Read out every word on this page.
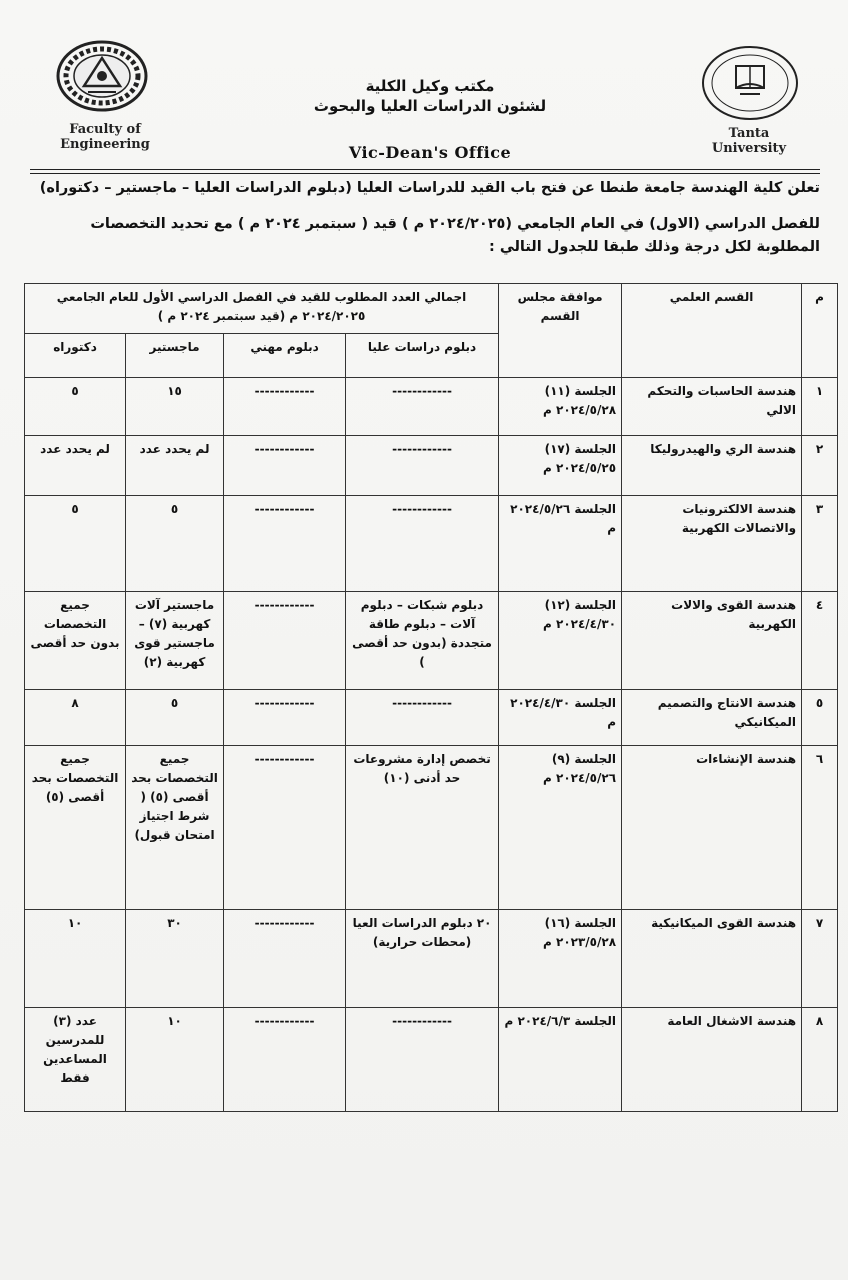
Faculty of
Engineering
Tanta
University
مكتب وكيل الكلية
لشئون الدراسات العليا والبحوث
Vic-Dean's Office
تعلن كلية الهندسة جامعة طنطا عن فتح باب القيد للدراسات العليا (دبلوم الدراسات العليا – ماجستير – دكتوراه)
للفصل الدراسي (الاول) في العام الجامعي (٢٠٢٤/٢٠٢٥ م ) قيد ( سبتمبر ٢٠٢٤ م ) مع تحديد التخصصات
المطلوبة لكل درجة وذلك طبقا للجدول التالي :
م	القسم العلمي	موافقة مجلس القسم	اجمالي العدد المطلوب للقيد في الفصل الدراسي الأول للعام الجامعي ٢٠٢٤/٢٠٢٥ م (قيد سبتمبر ٢٠٢٤ م )			
			دبلوم دراسات عليا	دبلوم مهني	ماجستير	دكتوراه
١	هندسة الحاسبات والتحكم الالي	الجلسة (١١) ٢٠٢٤/٥/٢٨ م	------------	------------	١٥	٥
٢	هندسة الري والهيدروليكا	الجلسة (١٧) ٢٠٢٤/٥/٢٥ م	------------	------------	لم يحدد عدد	لم يحدد عدد
٣	هندسة الالكترونيات والاتصالات الكهربية	الجلسة ٢٠٢٤/٥/٢٦ م	------------	------------	٥	٥
٤	هندسة القوى والالات الكهربية	الجلسة (١٢) ٢٠٢٤/٤/٣٠ م	دبلوم شبكات – دبلوم آلات – دبلوم طاقة متجددة (بدون حد أقصى )	------------	ماجستير آلات كهربية (٧) – ماجستير قوى كهربية (٢)	جميع التخصصات بدون حد أقصى
٥	هندسة الانتاج والتصميم الميكانيكي	الجلسة ٢٠٢٤/٤/٣٠ م	------------	------------	٥	٨
٦	هندسة الإنشاءات	الجلسة (٩) ٢٠٢٤/٥/٢٦ م	تخصص إدارة مشروعات حد أدنى (١٠)	------------	جميع التخصصات بحد أقصى (٥) ( شرط اجتياز امتحان قبول)	جميع التخصصات بحد أقصى (٥)
٧	هندسة القوى الميكانيكية	الجلسة (١٦) ٢٠٢٣/٥/٢٨ م	٢٠ دبلوم الدراسات العيا (محطات حرارية)	------------	٣٠	١٠
٨	هندسة الاشغال العامة	الجلسة ٢٠٢٤/٦/٣ م	------------	------------	١٠	عدد (٣) للمدرسين المساعدين فقط
